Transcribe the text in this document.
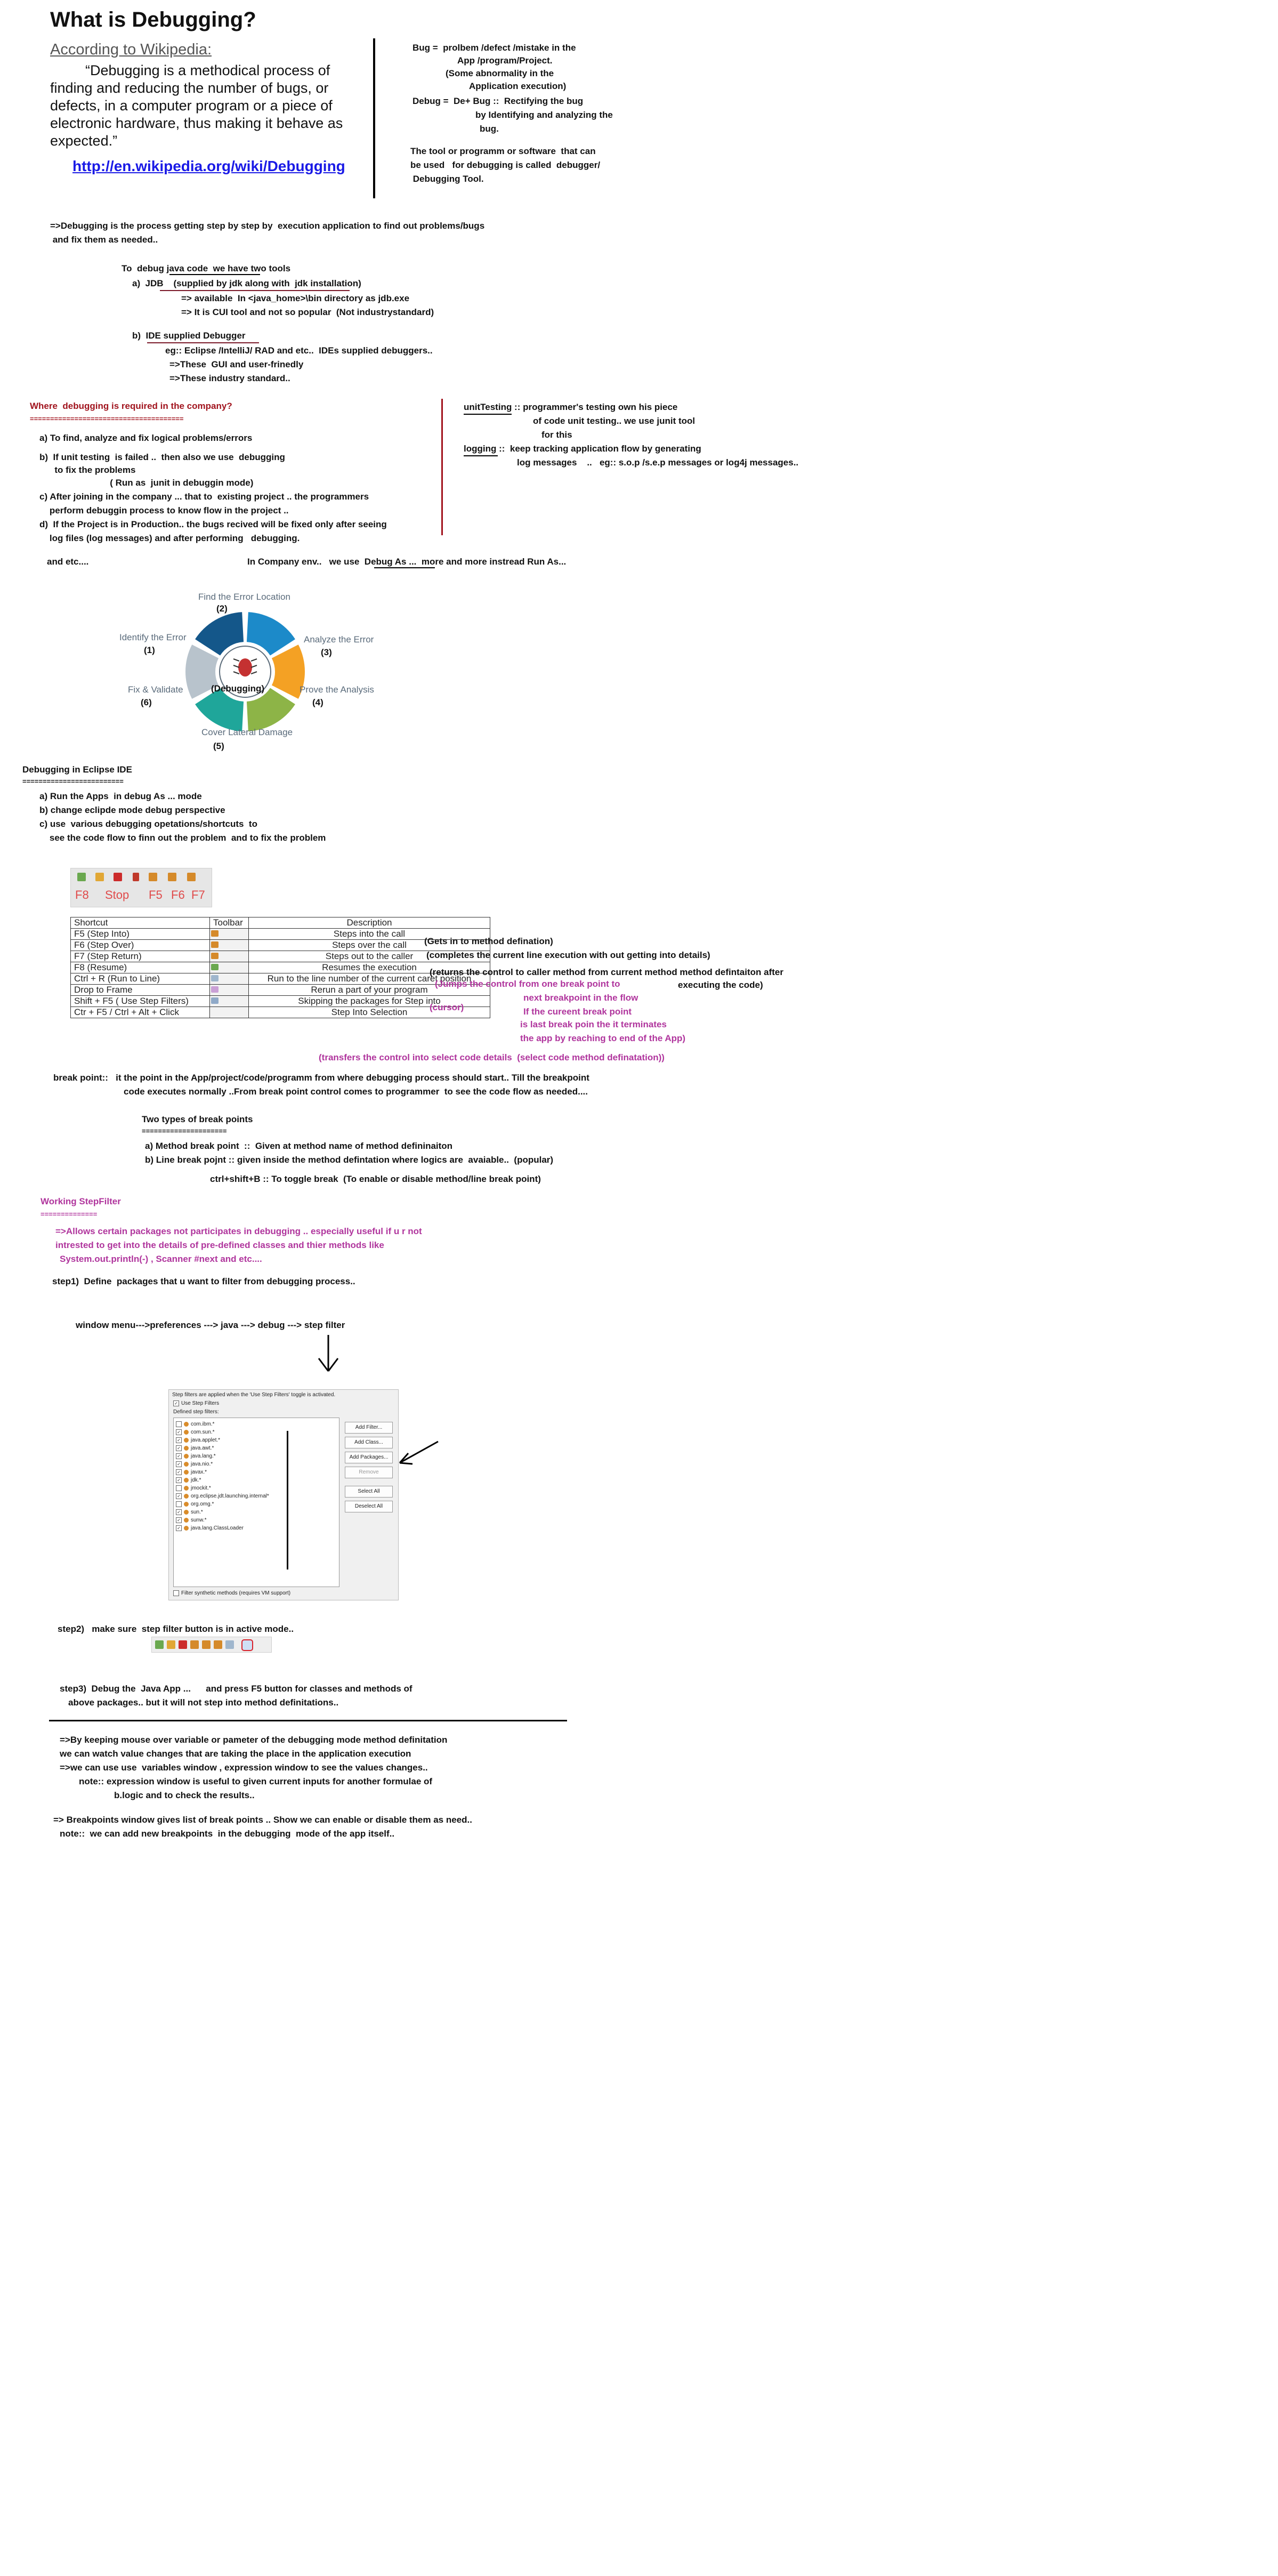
What is Debugging?
According to Wikipedia:
“Debugging is a methodical process of finding and reducing the number of bugs, or defects, in a computer program or a piece of electronic hardware, thus making it behave as expected.”
http://en.wikipedia.org/wiki/Debugging
Bug =  prolbem /defect /mistake in the
App /program/Project.
(Some abnormality in the
Application execution)
Debug =  De+ Bug ::  Rectifying the bug
by Identifying and analyzing the
bug.
The tool or programm or software  that can
be used   for debugging is called  debugger/
Debugging Tool.
=>Debugging is the process getting step by step by  execution application to find out problems/bugs
and fix them as needed..
To  debug java code  we have two tools
a)  JDB    (supplied by jdk along with  jdk installation)
=> available  In <java_home>\bin directory as jdb.exe
=> It is CUI tool and not so popular  (Not industrystandard)
b)  IDE supplied Debugger
eg:: Eclipse /IntelliJ/ RAD and etc..  IDEs supplied debuggers..
=>These  GUI and user-frinedly
=>These industry standard..
Where  debugging is required in the company?
======================================
a) To find, analyze and fix logical problems/errors
b)  If unit testing  is failed ..  then also we use  debugging
to fix the problems
( Run as  junit in debuggin mode)
c) After joining in the company ... that to  existing project .. the programmers
perform debuggin process to know flow in the project ..
d)  If the Project is in Production.. the bugs recived will be fixed only after seeing
log files (log messages) and after performing   debugging.
and etc....	In Company env..   we use  Debug As ...  more and more instread Run As...
unitTesting :: programmer's testing own his piece
of code unit testing.. we use junit tool
for this
logging ::  keep tracking application flow by generating
log messages    ..   eg:: s.o.p /s.e.p messages or log4j messages..
Find the Error Location
Analyze the Error
Prove the Analysis
Cover Lateral Damage
Fix & Validate
Identify the Error
(2)
(3)
(4)
(5)
(6)
(1)
(Debugging)
Debugging in Eclipse IDE
=========================
a) Run the Apps  in debug As ... mode
b) change eclipde mode debug perspective
c) use  various debugging opetations/shortcuts  to
see the code flow to finn out the problem  and to fix the problem
F8 Stop F5 F6 F7
Shortcut	Toolbar	Description
F5 (Step Into)		Steps into the call
F6 (Step Over)		Steps over the call
F7 (Step Return)		Steps out to the caller
F8 (Resume)		Resumes the execution
Ctrl + R (Run to Line)		Run to the line number of the current caret position
Drop to Frame		Rerun a part of your program
Shift + F5 ( Use Step Filters)		Skipping the packages for Step into
Ctr + F5 / Ctrl + Alt + Click		Step Into Selection
(Gets in to method defination)
(completes the current line execution with out getting into details)
(returns the control to caller method from current method method defintaiton after
executing the code)
(Jumps the control from one break point to
next breakpoint in the flow
If the cureent break point
is last break poin the it terminates
the app by reaching to end of the App)
(cursor)
(transfers the control into select code details  (select code method definatation))
break point::   it the point in the App/project/code/programm from where debugging process should start.. Till the breakpoint
code executes normally ..From break point control comes to programmer  to see the code flow as needed....
Two types of break points
=====================
a) Method break point  ::  Given at method name of method defininaiton
b) Line break pojnt :: given inside the method defintation where logics are  avaiable..  (popular)
ctrl+shift+B :: To toggle break  (To enable or disable method/line break point)
Working StepFilter
==============
=>Allows certain packages not participates in debugging .. especially useful if u r not
intrested to get into the details of pre-defined classes and thier methods like
System.out.println(-) , Scanner #next and etc....
step1)  Define  packages that u want to filter from debugging process..
window menu--->preferences ---> java ---> debug ---> step filter
Step filters are applied when the 'Use Step Filters' toggle is activated.
✓ Use Step Filters
Defined step filters:
com.ibm.*
✓ com.sun.*
✓ java.applet.*
✓ java.awt.*
✓ java.lang.*
✓ java.nio.*
✓ javax.*
✓ jdk.*
jmockit.*
✓ org.eclipse.jdt.launching.internal*
org.omg.*
✓ sun.*
✓ sunw.*
✓ java.lang.ClassLoader
Add Filter...
Add Class...
Add Packages...
Remove
Select All
Deselect All
Filter synthetic methods (requires VM support)
step2)   make sure  step filter button is in active mode..
step3)  Debug the  Java App ...      and press F5 button for classes and methods of
above packages.. but it will not step into method definitations..
=>By keeping mouse over variable or pameter of the debugging mode method definitation
we can watch value changes that are taking the place in the application execution
=>we can use use  variables window , expression window to see the values changes..
note:: expression window is useful to given current inputs for another formulae of
b.logic and to check the results..
=> Breakpoints window gives list of break points .. Show we can enable or disable them as need..
note::  we can add new breakpoints  in the debugging  mode of the app itself..
